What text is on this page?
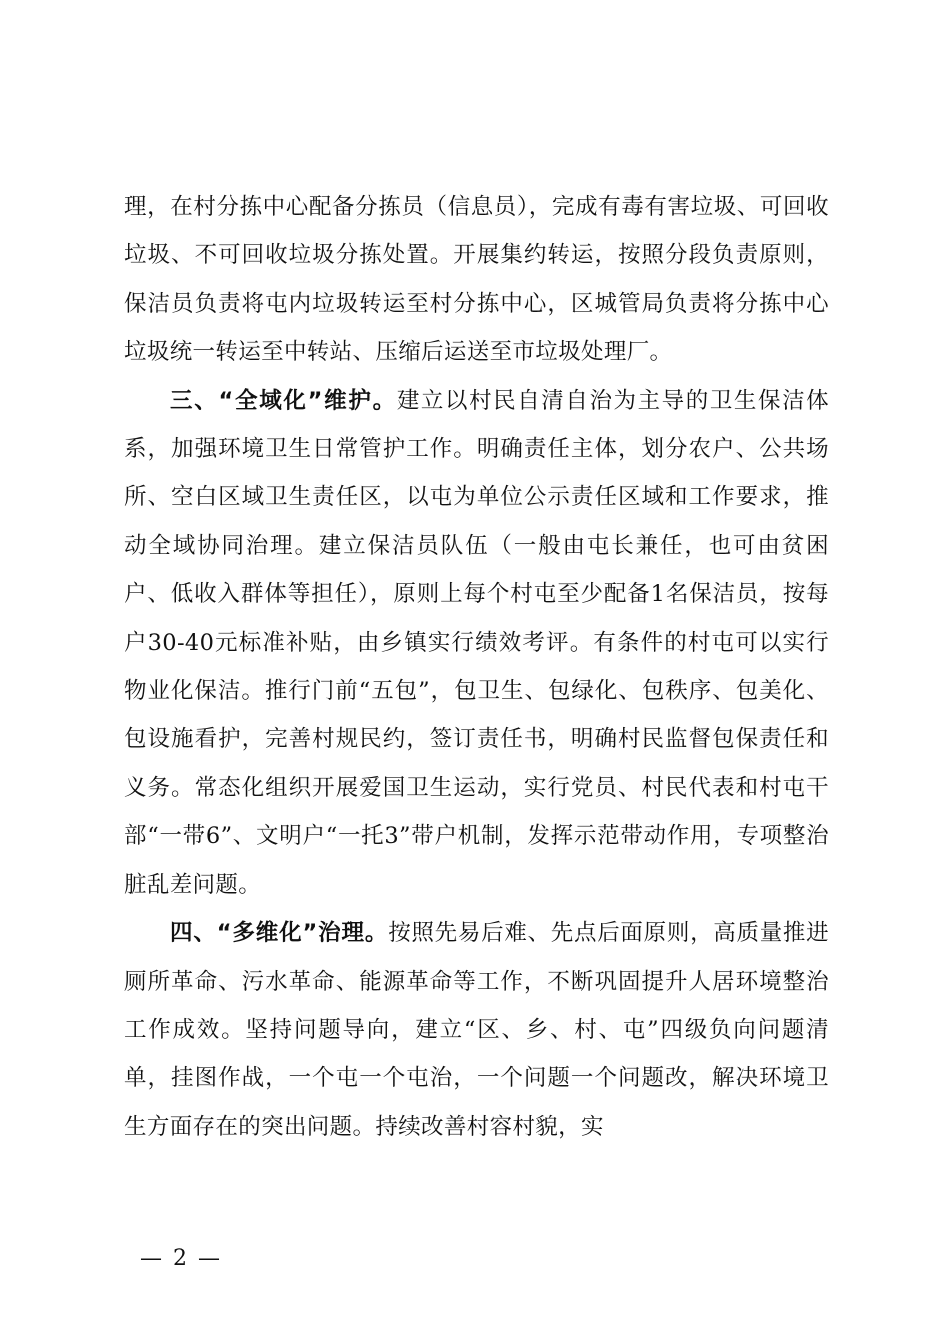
理，在村分拣中心配备分拣员（信息员），完成有毒有害垃圾、可回收垃圾、不可回收垃圾分拣处置。开展集约转运，按照分段负责原则，保洁员负责将屯内垃圾转运至村分拣中心，区城管局负责将分拣中心垃圾统一转运至中转站、压缩后运送至市垃圾处理厂。

三、“全域化”维护。建立以村民自清自治为主导的卫生保洁体系，加强环境卫生日常管护工作。明确责任主体，划分农户、公共场所、空白区域卫生责任区，以屯为单位公示责任区域和工作要求，推动全域协同治理。建立保洁员队伍（一般由屯长兼任，也可由贫困户、低收入群体等担任），原则上每个村屯至少配备1名保洁员，按每户30-40元标准补贴，由乡镇实行绩效考评。有条件的村屯可以实行物业化保洁。推行门前“五包”，包卫生、包绿化、包秩序、包美化、包设施看护，完善村规民约，签订责任书，明确村民监督包保责任和义务。常态化组织开展爱国卫生运动，实行党员、村民代表和村屯干部“一带6”、文明户“一托3”带户机制，发挥示范带动作用，专项整治脏乱差问题。

四、“多维化”治理。按照先易后难、先点后面原则，高质量推进厕所革命、污水革命、能源革命等工作，不断巩固提升人居环境整治工作成效。坚持问题导向，建立“区、乡、村、屯”四级负向问题清单，挂图作战，一个屯一个屯治，一个问题一个问题改，解决环境卫生方面存在的突出问题。持续改善村容村貌，实

— 2 —
